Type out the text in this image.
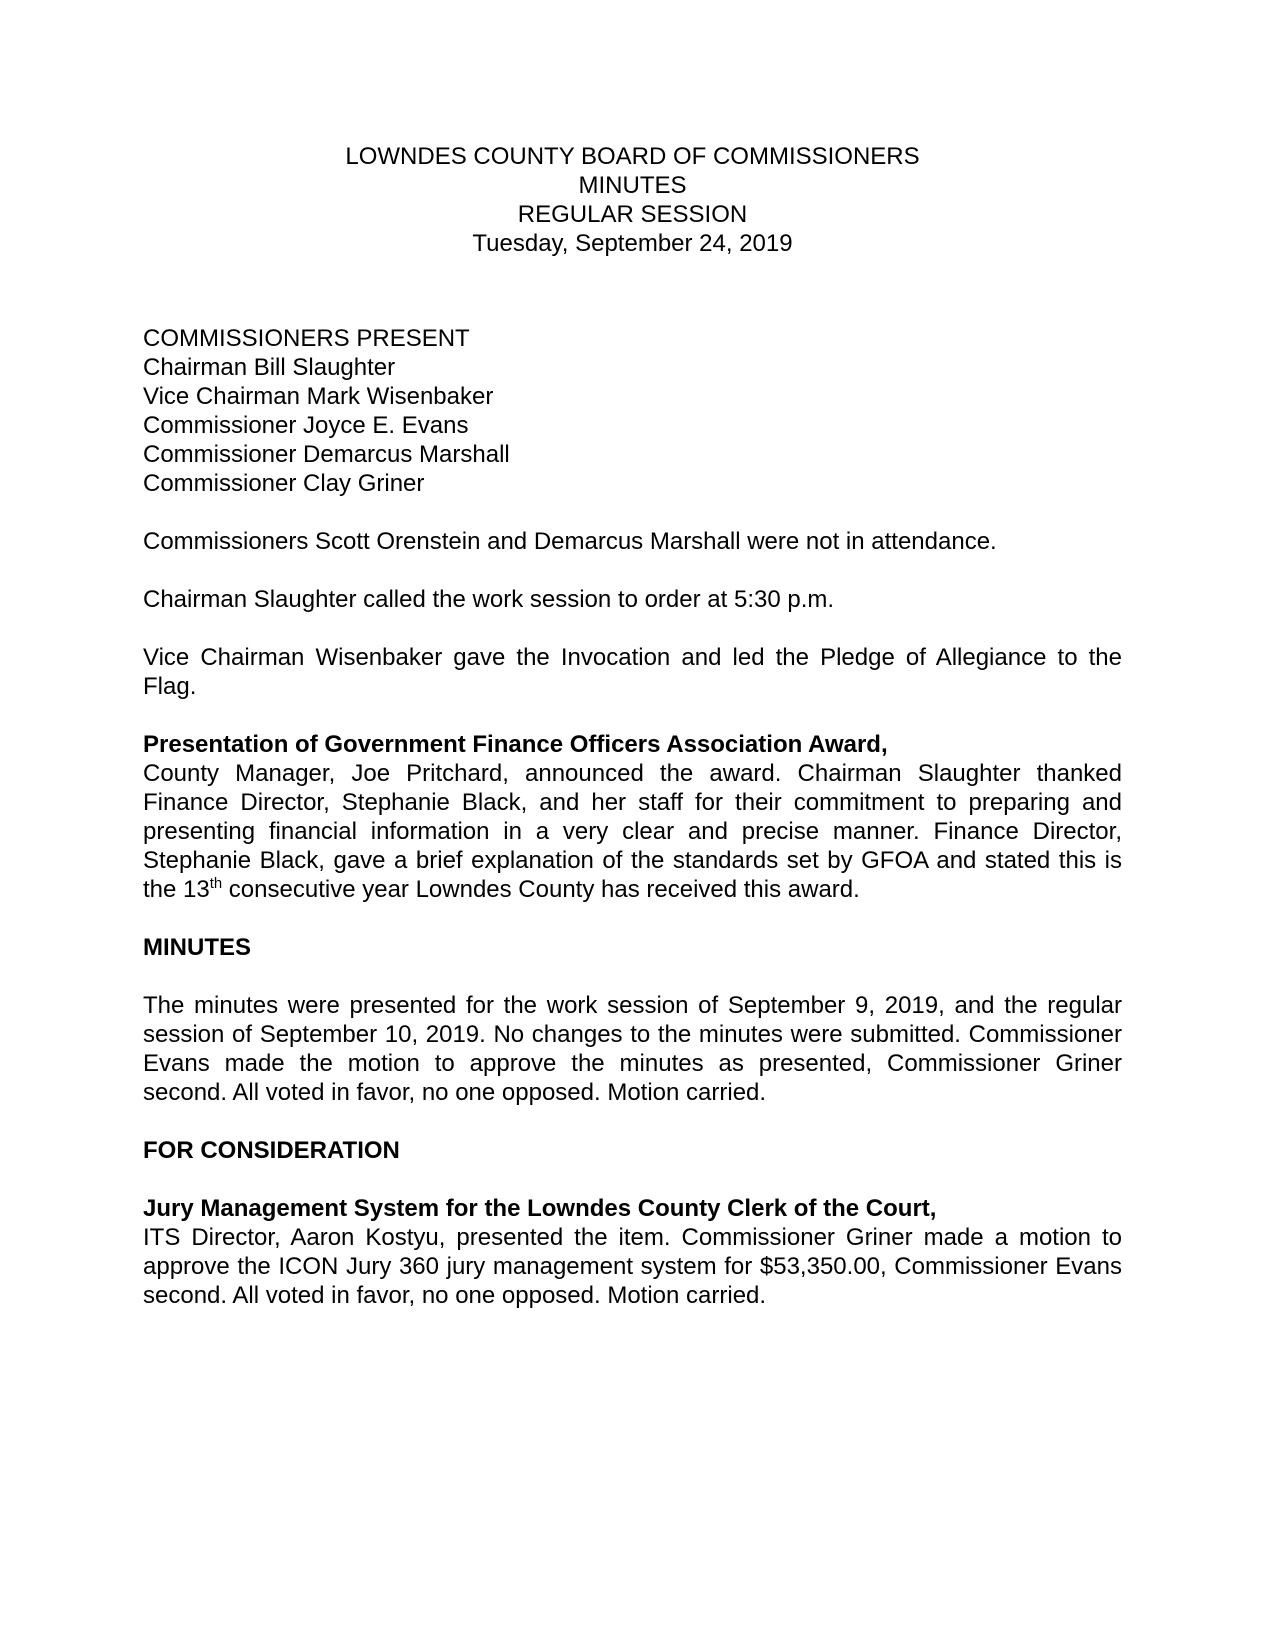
LOWNDES COUNTY BOARD OF COMMISSIONERS
MINUTES
REGULAR SESSION
Tuesday, September 24, 2019
COMMISSIONERS PRESENT
Chairman Bill Slaughter
Vice Chairman Mark Wisenbaker
Commissioner Joyce E. Evans
Commissioner Demarcus Marshall
Commissioner Clay Griner

Commissioners Scott Orenstein and Demarcus Marshall were not in attendance.

Chairman Slaughter called the work session to order at 5:30 p.m.

Vice Chairman Wisenbaker gave the Invocation and led the Pledge of Allegiance to the Flag.

Presentation of Government Finance Officers Association Award,

County Manager, Joe Pritchard, announced the award. Chairman Slaughter thanked Finance Director, Stephanie Black, and her staff for their commitment to preparing and presenting financial information in a very clear and precise manner. Finance Director, Stephanie Black, gave a brief explanation of the standards set by GFOA and stated this is the 13th consecutive year Lowndes County has received this award.

MINUTES

The minutes were presented for the work session of September 9, 2019, and the regular session of September 10, 2019. No changes to the minutes were submitted. Commissioner Evans made the motion to approve the minutes as presented, Commissioner Griner second. All voted in favor, no one opposed. Motion carried.

FOR CONSIDERATION

Jury Management System for the Lowndes County Clerk of the Court,

ITS Director, Aaron Kostyu, presented the item. Commissioner Griner made a motion to approve the ICON Jury 360 jury management system for $53,350.00, Commissioner Evans second. All voted in favor, no one opposed. Motion carried.
